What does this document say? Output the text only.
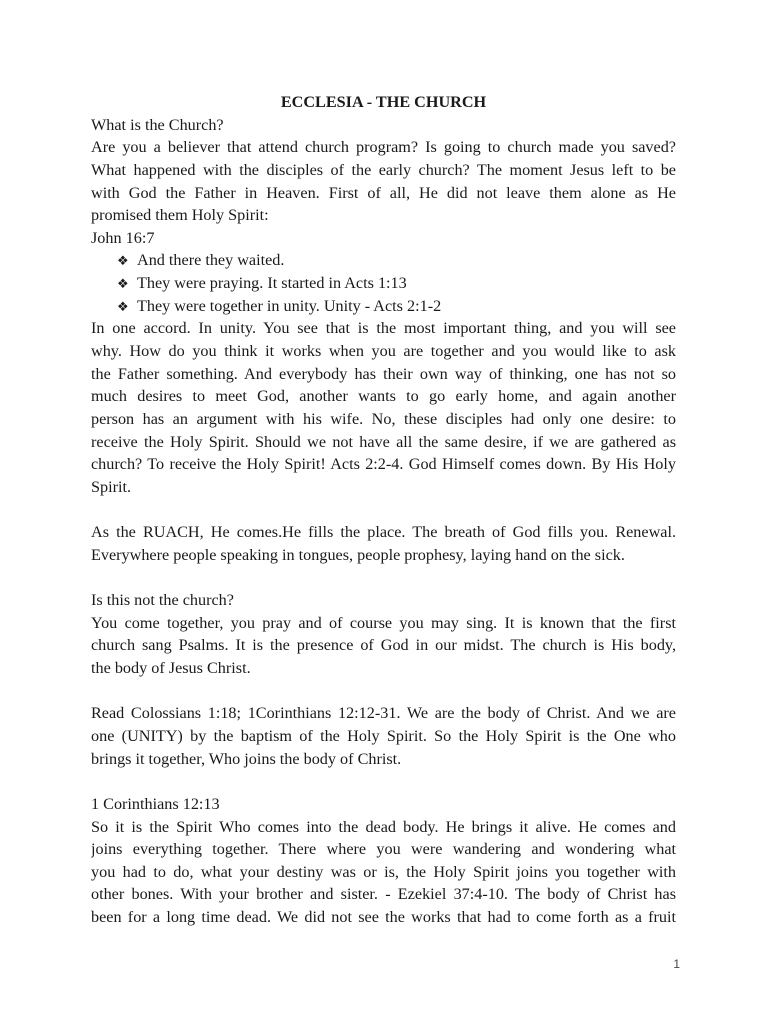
ECCLESIA - THE CHURCH
What is the Church?
Are you a believer that attend church program? Is going to church made you saved?
What happened with the disciples of the early church? The moment Jesus left to be
with God the Father in Heaven. First of all, He did not leave them alone as He
promised them Holy Spirit:
John 16:7
❖ And there they waited.
❖ They were praying. It started in Acts 1:13
❖ They were together in unity. Unity - Acts 2:1-2
In one accord. In unity. You see that is the most important thing, and you will see
why. How do you think it works when you are together and you would like to ask
the Father something. And everybody has their own way of thinking, one has not so
much desires to meet God, another wants to go early home, and again another
person has an argument with his wife. No, these disciples had only one desire: to
receive the Holy Spirit. Should we not have all the same desire, if we are gathered as
church? To receive the Holy Spirit! Acts 2:2-4. God Himself comes down. By His Holy
Spirit.
As the RUACH, He comes.He fills the place. The breath of God fills you. Renewal.
Everywhere people speaking in tongues, people prophesy, laying hand on the sick.
Is this not the church?
You come together, you pray and of course you may sing. It is known that the first
church sang Psalms. It is the presence of God in our midst. The church is His body,
the body of Jesus Christ.
Read Colossians 1:18; 1Corinthians 12:12-31. We are the body of Christ. And we are
one (UNITY) by the baptism of the Holy Spirit. So the Holy Spirit is the One who
brings it together, Who joins the body of Christ.
1 Corinthians 12:13
So it is the Spirit Who comes into the dead body. He brings it alive. He comes and
joins everything together. There where you were wandering and wondering what
you had to do, what your destiny was or is, the Holy Spirit joins you together with
other bones. With your brother and sister. - Ezekiel 37:4-10. The body of Christ has
been for a long time dead. We did not see the works that had to come forth as a fruit
1
